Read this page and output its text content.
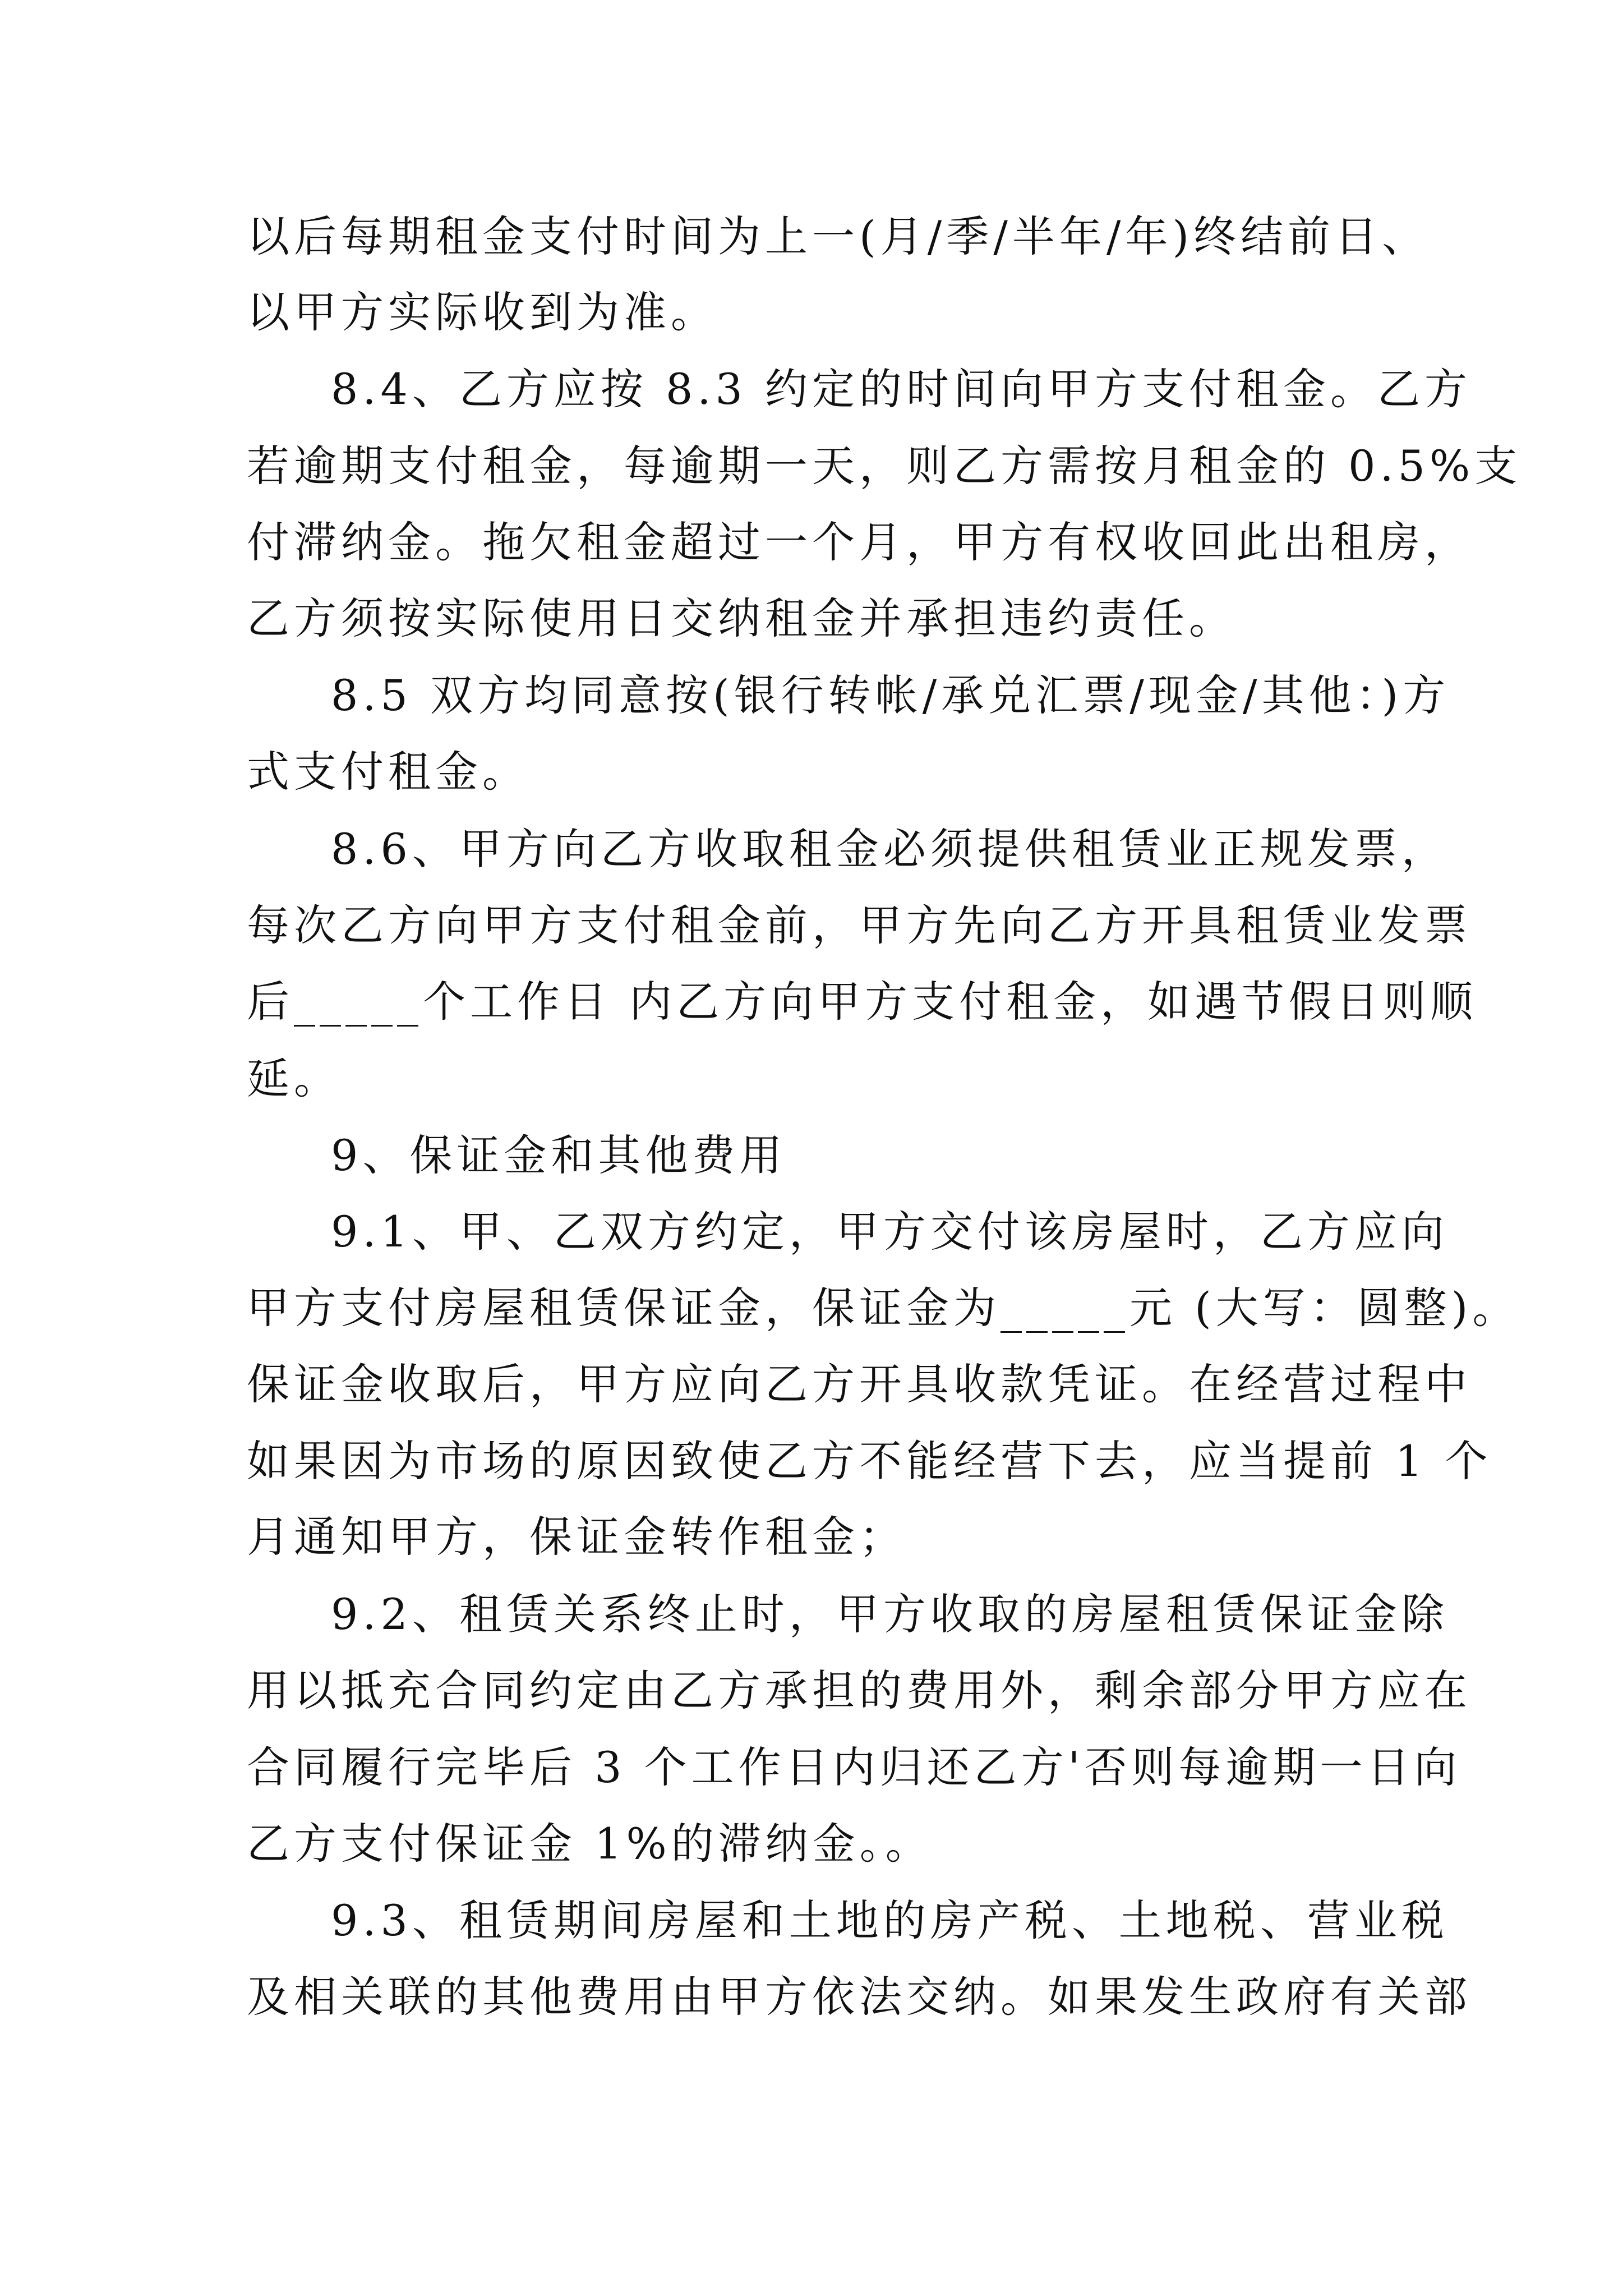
以后每期租金支付时间为上一(月/季/半年/年)终结前日、
以甲方实际收到为准。
8.4、乙方应按 8.3 约定的时间向甲方支付租金。乙方
若逾期支付租金，每逾期一天，则乙方需按月租金的 0.5%支
付滞纳金。拖欠租金超过一个月，甲方有权收回此出租房，
乙方须按实际使用日交纳租金并承担违约责任。
8.5 双方均同意按(银行转帐/承兑汇票/现金/其他：)方
式支付租金。
8.6、甲方向乙方收取租金必须提供租赁业正规发票，
每次乙方向甲方支付租金前，甲方先向乙方开具租赁业发票
后_____个工作日 内乙方向甲方支付租金，如遇节假日则顺
延。
9、保证金和其他费用
9.1、甲、乙双方约定，甲方交付该房屋时，乙方应向
甲方支付房屋租赁保证金，保证金为_____元 (大写：圆整)。
保证金收取后，甲方应向乙方开具收款凭证。在经营过程中
如果因为市场的原因致使乙方不能经营下去，应当提前 1 个
月通知甲方，保证金转作租金；
9.2、租赁关系终止时，甲方收取的房屋租赁保证金除
用以抵充合同约定由乙方承担的费用外，剩余部分甲方应在
合同履行完毕后 3 个工作日内归还乙方'否则每逾期一日向
乙方支付保证金 1%的滞纳金。。
9.3、租赁期间房屋和土地的房产税、土地税、营业税
及相关联的其他费用由甲方依法交纳。如果发生政府有关部
